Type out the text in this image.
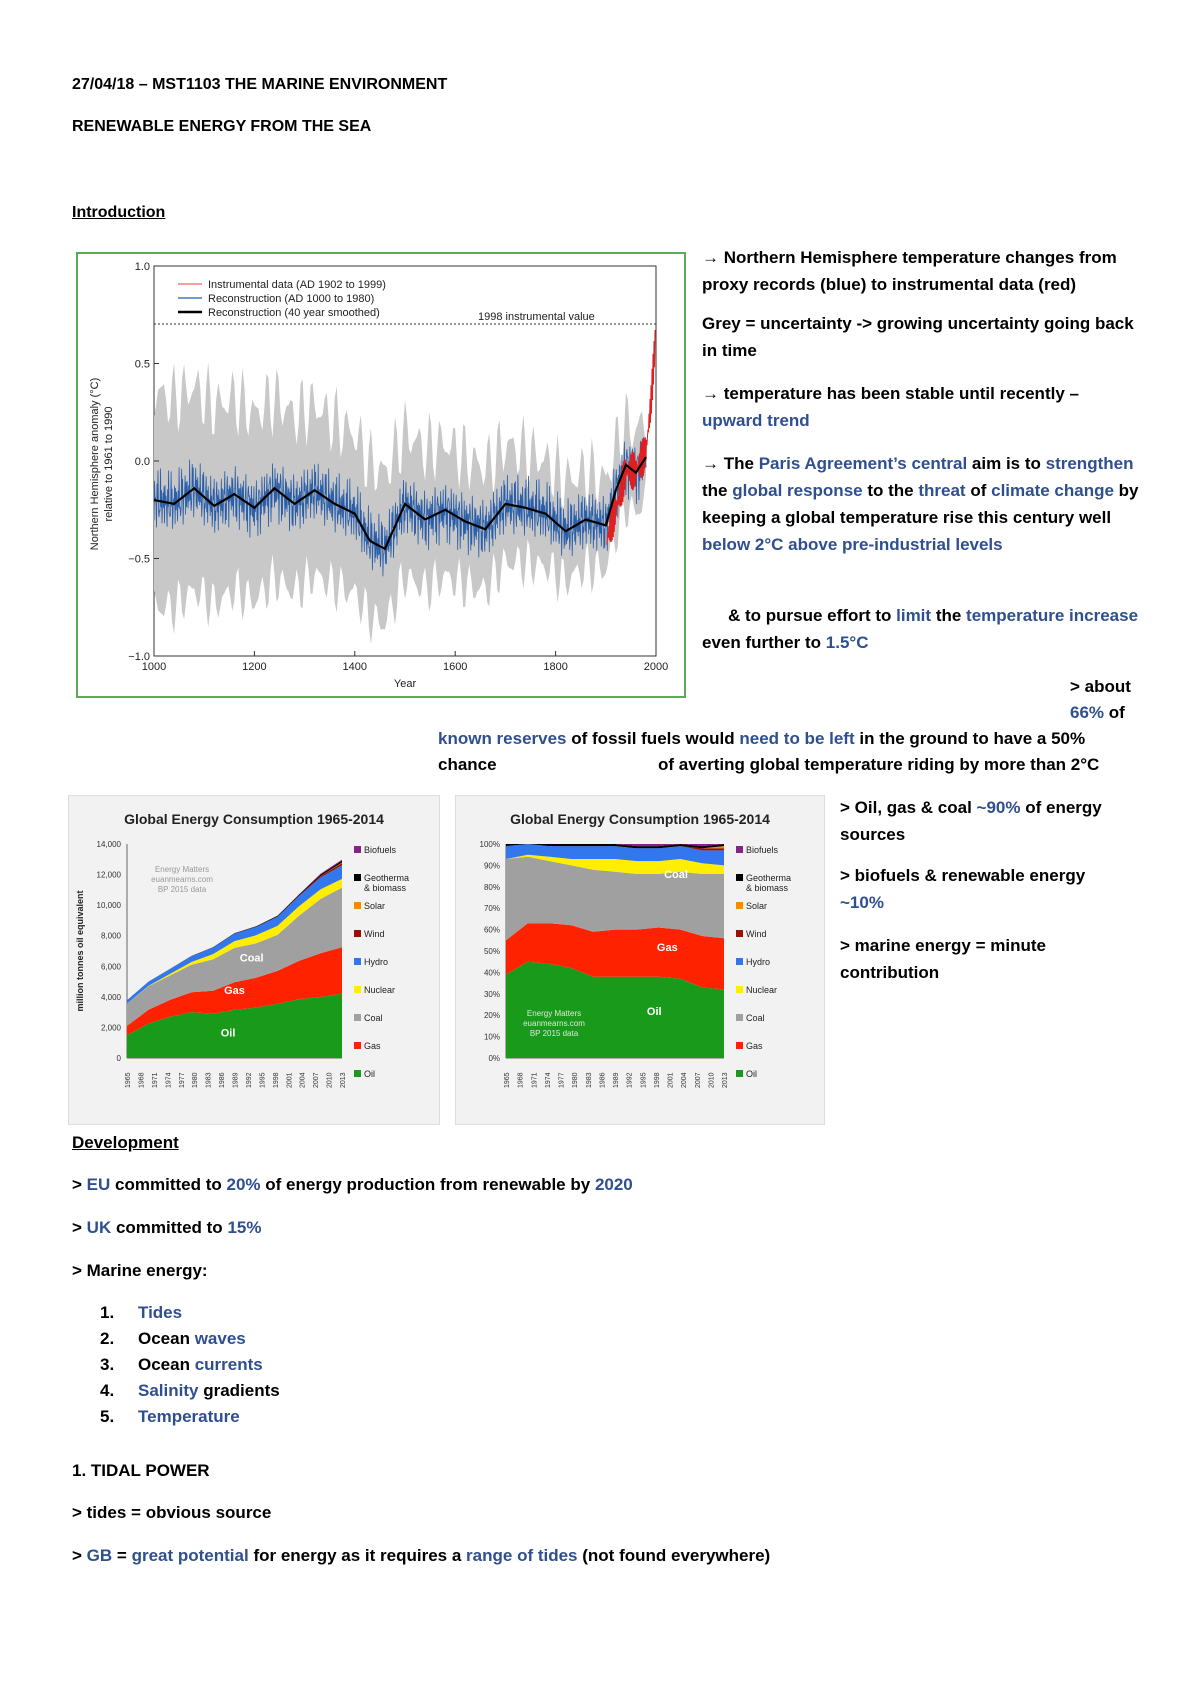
27/04/18 – MST1103 THE MARINE ENVIRONMENT
RENEWABLE ENERGY FROM THE SEA
Introduction
1998 instrumental value
Instrumental data (AD 1902 to 1999)
Reconstruction (AD 1000 to 1980)
Reconstruction (40 year smoothed)
1000	1200	1400	1600	1800	2000
1.0
0.5
0.0
−0.5
−1.0
Year
Northern Hemisphere anomaly (°C) relative to 1961 to 1990
→ Northern Hemisphere temperature changes from proxy records (blue) to instrumental data (red)
Grey = uncertainty -> growing uncertainty going back in time
→ temperature has been stable until recently –
upward trend
→ The Paris Agreement’s central aim is to strengthen the global response to the threat of climate change by keeping a global temperature rise this century well below 2°C above pre-industrial levels
& to pursue effort to limit the temperature increase even further to 1.5°C
> about
66% of
known reserves of fossil fuels would need to be left in the ground to have a 50%
chance	of averting global temperature riding by more than 2°C
Global Energy Consumption 1965-2014
14,000
12,000
10,000
8,000
6,000
4,000
2,000
0
million tonnes oil equivalent	Coal
Gas
Oil
Energy Matters
euanmearns.com
BP 2015 data
1965 1968 1971 1974 1977 1980 1983 1986 1989 1992 1995 1998 2001 2004 2007 2010 2013
Biofuels
Geotherma
& biomass
Solar
Wind
Hydro
Nuclear
Coal
Gas
Oil
Global Energy Consumption 1965-2014
100%
90%
80%
70%
60%
50%
40%
30%
20%
10%
0%
Coal
Gas
Oil
Energy Matters
euanmearns.com
BP 2015 data
1965 1968 1971 1974 1977 1980 1983 1986 1989 1992 1995 1998 2001 2004 2007 2010 2013
Biofuels
Geotherma
& biomass
Solar
Wind
Hydro
Nuclear
Coal
Gas
Oil
> Oil, gas & coal ~90% of energy sources
> biofuels & renewable energy
~10%
> marine energy = minute contribution
Development
> EU committed to 20% of energy production from renewable by 2020
> UK committed to 15%
> Marine energy:
1. Tides
2. Ocean waves
3. Ocean currents
4. Salinity gradients
5. Temperature
1. TIDAL POWER
> tides = obvious source
> GB = great potential for energy as it requires a range of tides (not found everywhere)
